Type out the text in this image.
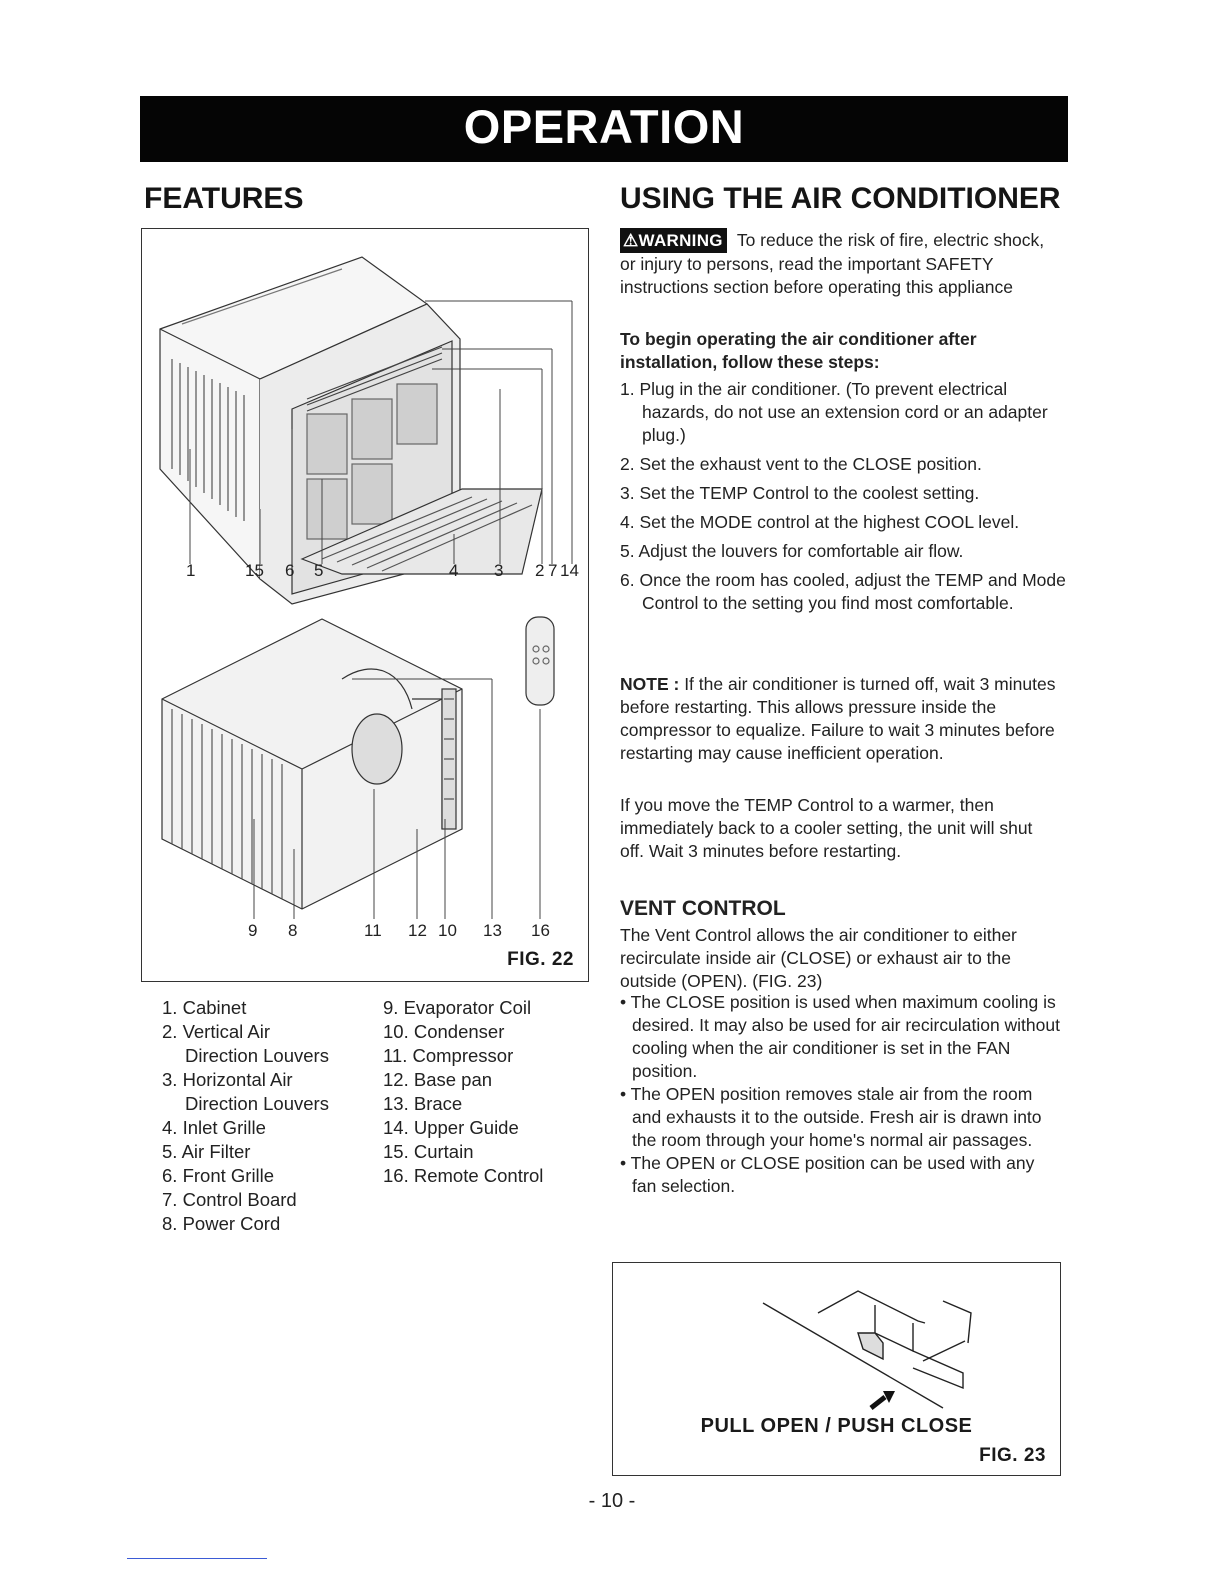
OPERATION
FEATURES
1	15 6 5	4 3 2 7 14
9 8	11 12 10 13 16
FIG. 22
1. Cabinet
2. Vertical Air
Direction Louvers
3. Horizontal Air
Direction Louvers
4. Inlet Grille
5. Air Filter
6. Front Grille
7. Control Board
8. Power Cord
9. Evaporator Coil
10. Condenser
11. Compressor
12. Base pan
13. Brace
14. Upper Guide
15. Curtain
16. Remote Control
USING THE AIR CONDITIONER
⚠WARNING To reduce the risk of fire, electric shock, or injury to persons, read the important SAFETY instructions section before operating this appliance
To begin operating the air conditioner after installation, follow these steps:
1. Plug in the air conditioner. (To prevent electrical hazards, do not use an extension cord or an adapter plug.)
2. Set the exhaust vent to the CLOSE position.
3. Set the TEMP Control to the coolest setting.
4. Set the MODE control at the highest COOL level.
5. Adjust the louvers for comfortable air flow.
6. Once the room has cooled, adjust the TEMP and Mode Control to the setting you find most comfortable.
NOTE : If the air conditioner is turned off, wait 3 minutes before restarting. This allows pressure inside the compressor to equalize. Failure to wait 3 minutes before restarting may cause inefficient operation.
If you move the TEMP Control to a warmer, then immediately back to a cooler setting, the unit will shut off. Wait 3 minutes before restarting.
VENT CONTROL
The Vent Control allows the air conditioner to either recirculate inside air (CLOSE) or exhaust air to the outside (OPEN). (FIG. 23)
• The CLOSE position is used when maximum cooling is desired. It may also be used for air recirculation without cooling when the air conditioner is set in the FAN position.
• The OPEN position removes stale air from the room and exhausts it to the outside. Fresh air is drawn into the room through your home's normal air passages.
• The OPEN or CLOSE position can be used with any fan selection.
PULL OPEN / PUSH CLOSE
FIG. 23
- 10 -
